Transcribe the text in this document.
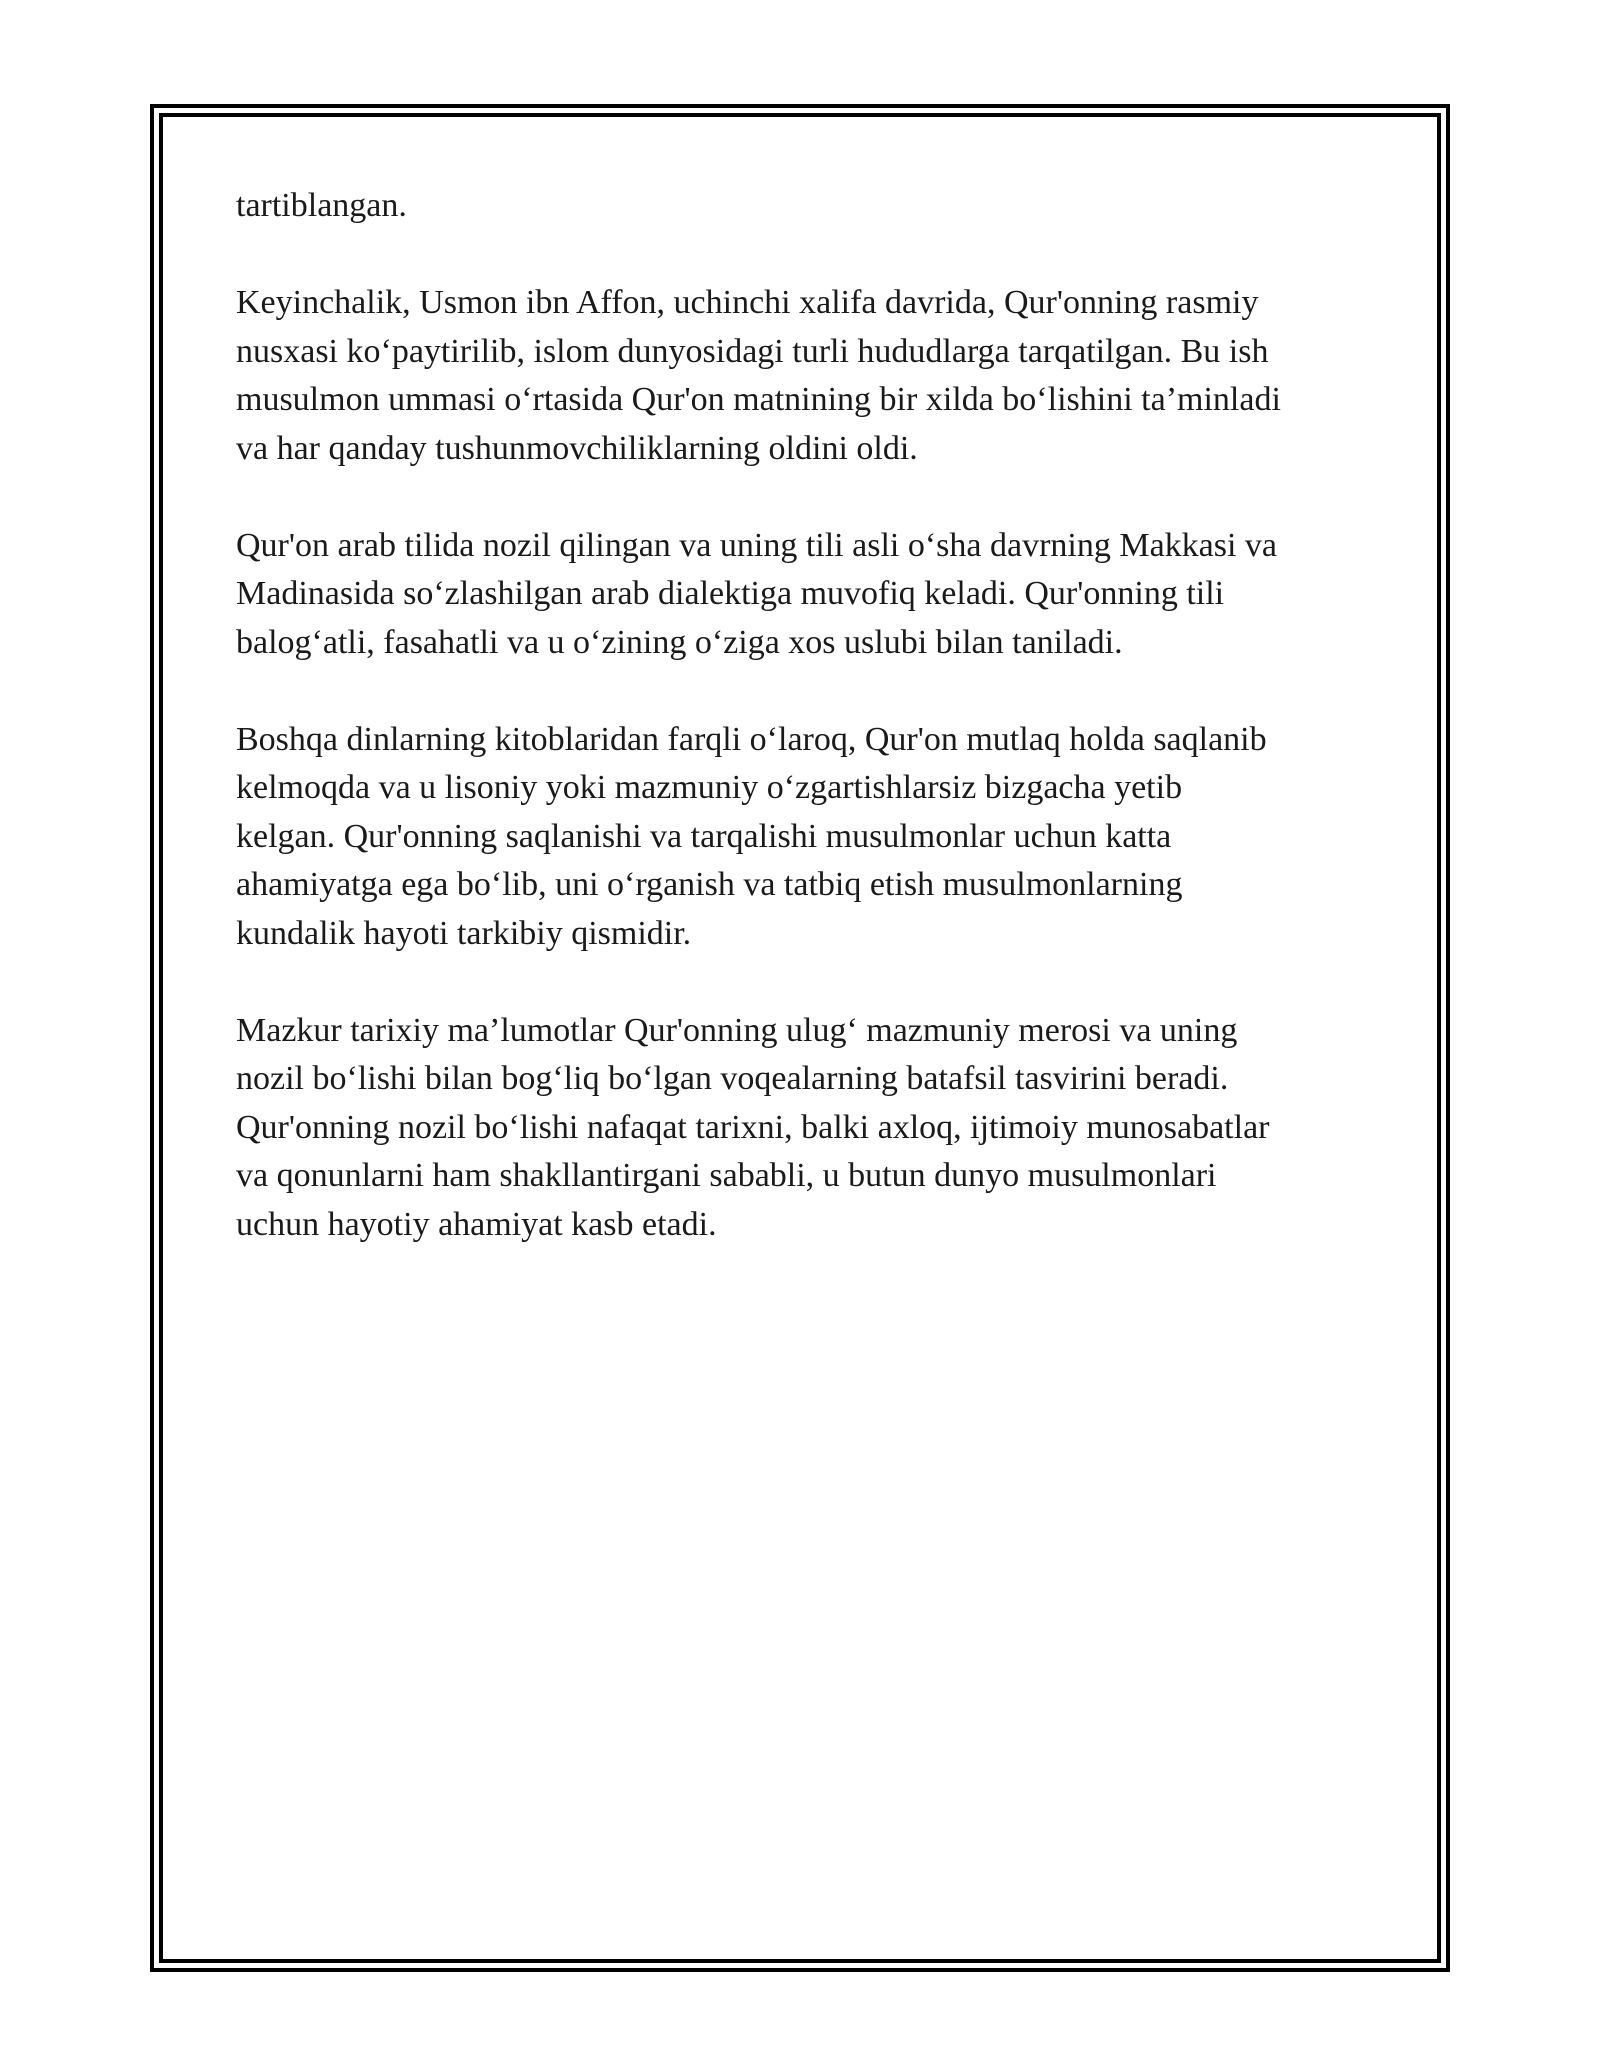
tartiblangan.

Keyinchalik, Usmon ibn Affon, uchinchi xalifa davrida, Qur'onning rasmiy
nusxasi ko‘paytirilib, islom dunyosidagi turli hududlarga tarqatilgan. Bu ish
musulmon ummasi o‘rtasida Qur'on matnining bir xilda bo‘lishini ta’minladi
va har qanday tushunmovchiliklarning oldini oldi.

Qur'on arab tilida nozil qilingan va uning tili asli o‘sha davrning Makkasi va
Madinasida so‘zlashilgan arab dialektiga muvofiq keladi. Qur'onning tili
balog‘atli, fasahatli va u o‘zining o‘ziga xos uslubi bilan taniladi.

Boshqa dinlarning kitoblaridan farqli o‘laroq, Qur'on mutlaq holda saqlanib
kelmoqda va u lisoniy yoki mazmuniy o‘zgartishlarsiz bizgacha yetib
kelgan. Qur'onning saqlanishi va tarqalishi musulmonlar uchun katta
ahamiyatga ega bo‘lib, uni o‘rganish va tatbiq etish musulmonlarning
kundalik hayoti tarkibiy qismidir.

Mazkur tarixiy ma’lumotlar Qur'onning ulug‘ mazmuniy merosi va uning
nozil bo‘lishi bilan bog‘liq bo‘lgan voqealarning batafsil tasvirini beradi.
Qur'onning nozil bo‘lishi nafaqat tarixni, balki axloq, ijtimoiy munosabatlar
va qonunlarni ham shakllantirgani sababli, u butun dunyo musulmonlari
uchun hayotiy ahamiyat kasb etadi.
